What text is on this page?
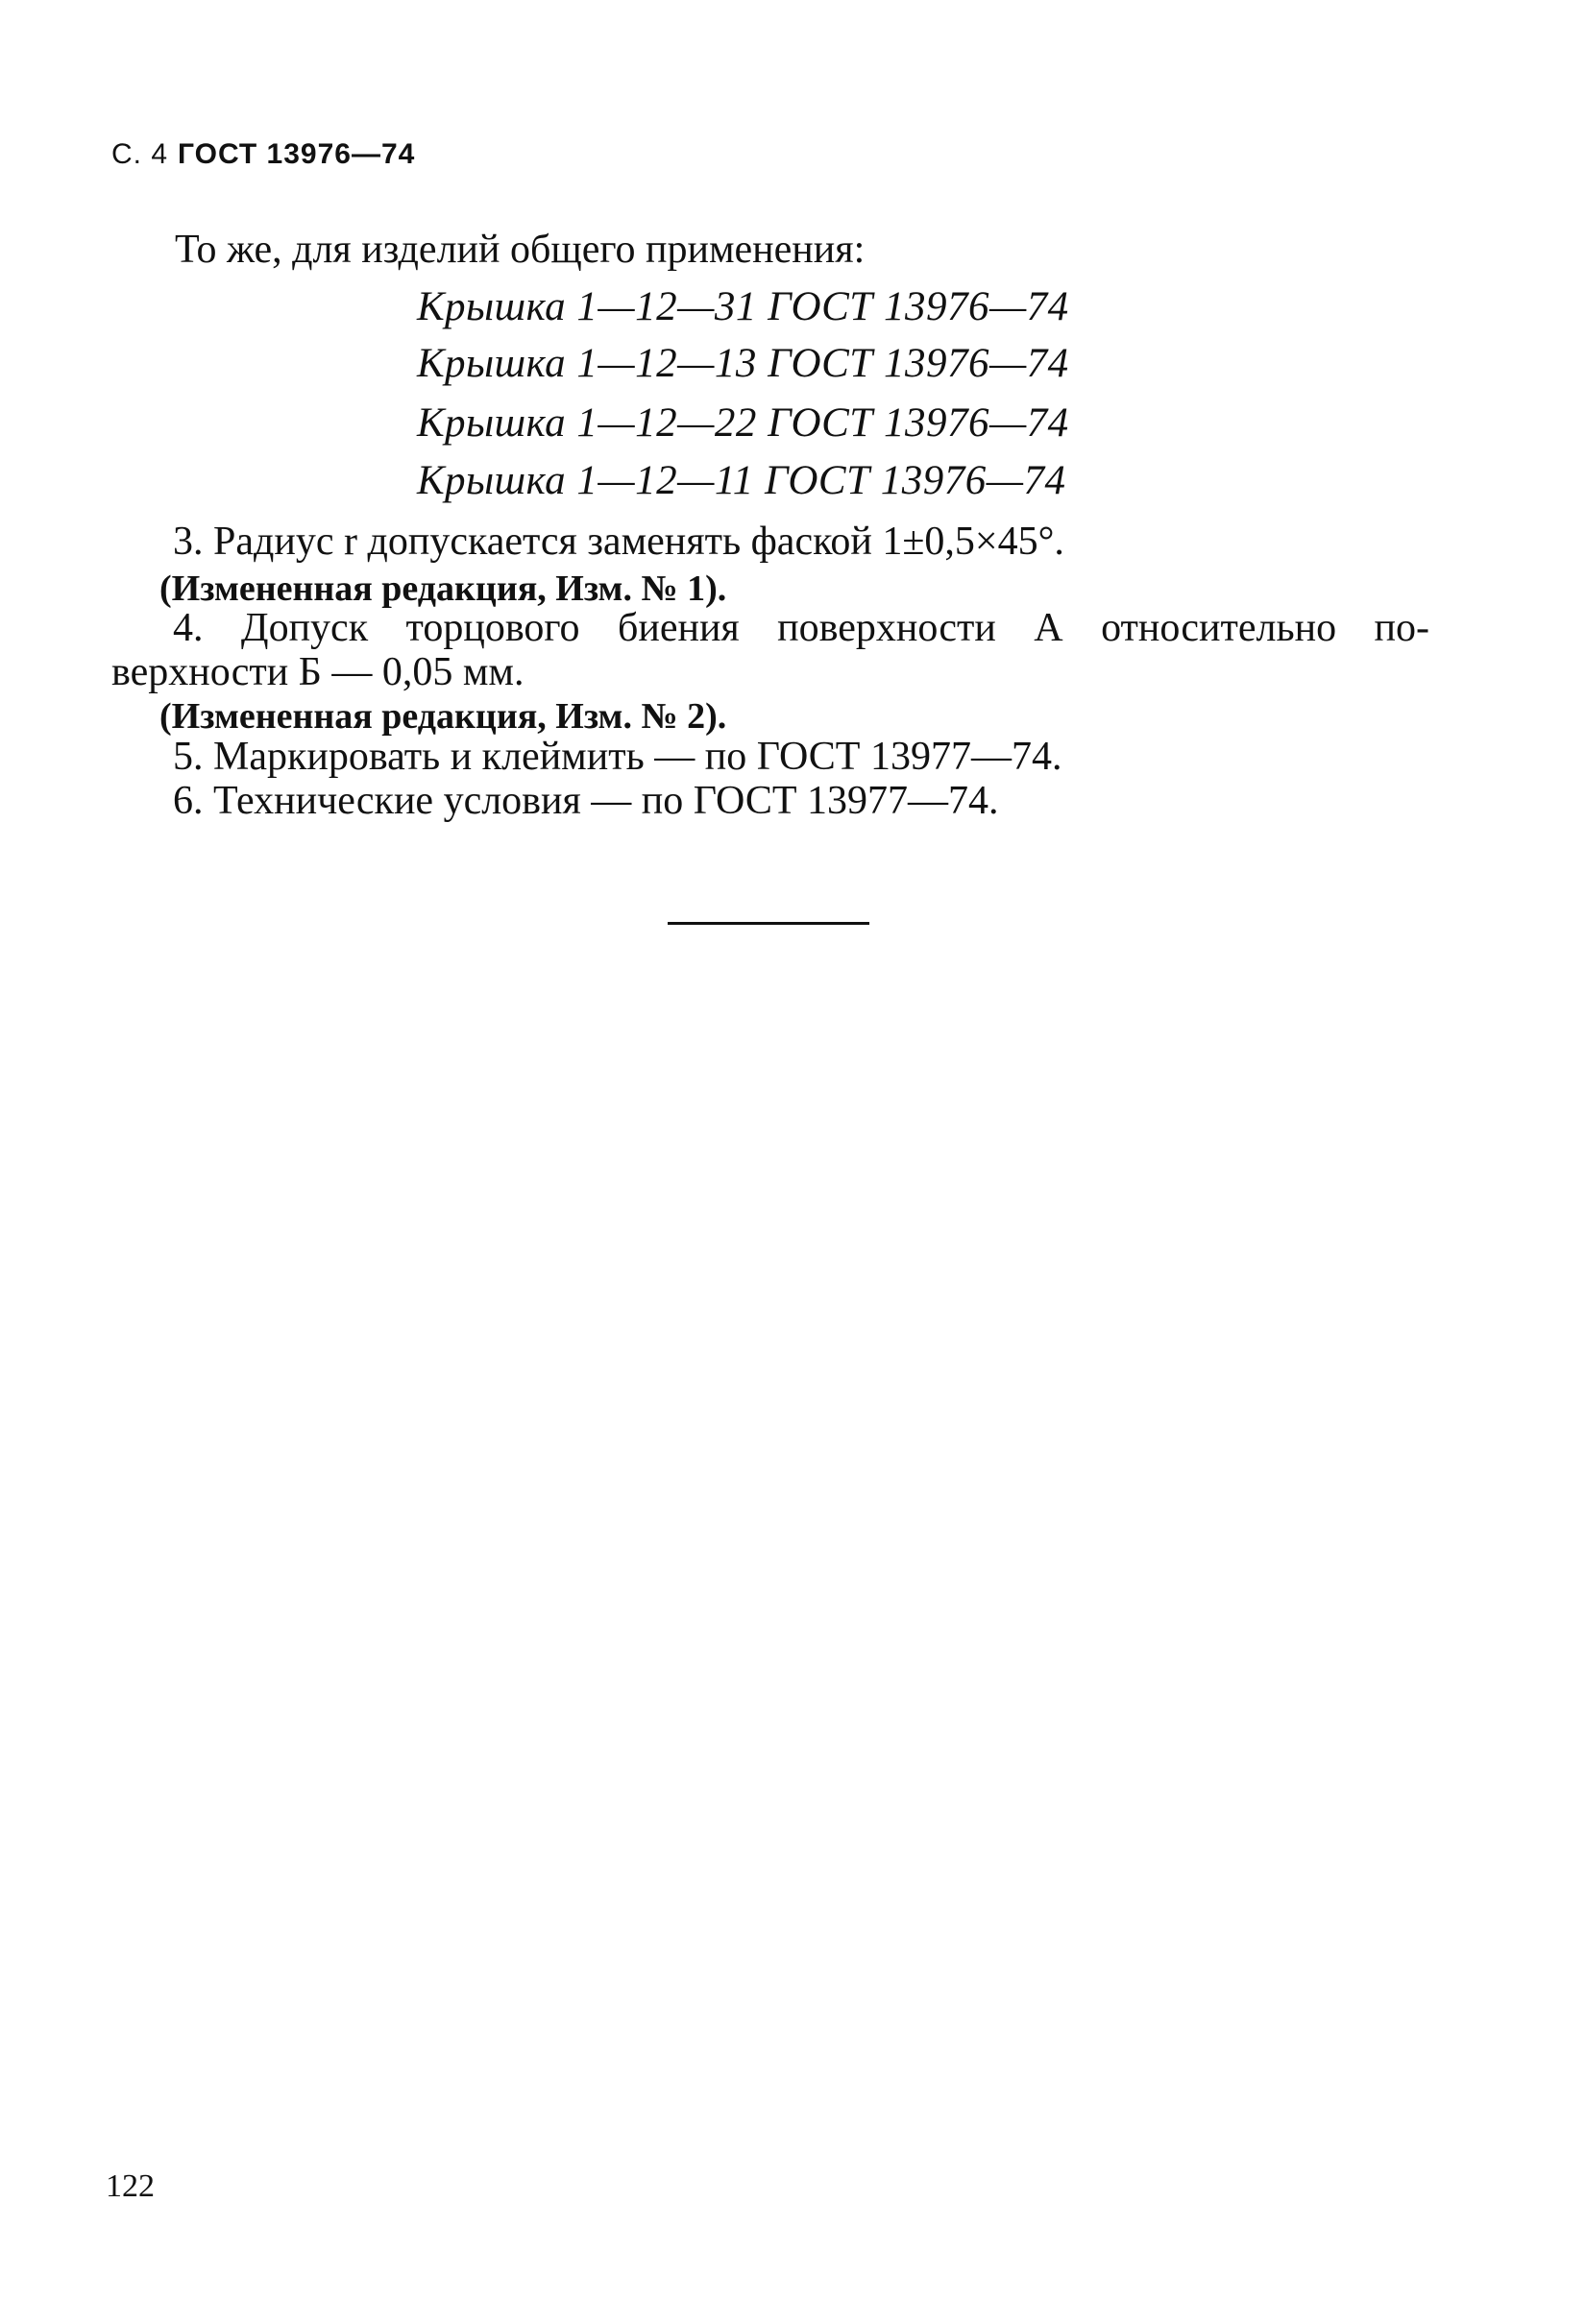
С. 4 ГОСТ 13976—74
То же, для изделий общего применения:
Крышка 1—12—31 ГОСТ 13976—74
Крышка 1—12—13 ГОСТ 13976—74
Крышка 1—12—22 ГОСТ 13976—74
Крышка 1—12—11 ГОСТ 13976—74
3. Радиус r допускается заменять фаской 1±0,5×45°.
(Измененная редакция, Изм. № 1).
4. Допуск торцового биения поверхности А относительно по-
верхности Б — 0,05 мм.
(Измененная редакция, Изм. № 2).
5. Маркировать и клеймить — по ГОСТ 13977—74.
6. Технические условия — по ГОСТ 13977—74.
122
